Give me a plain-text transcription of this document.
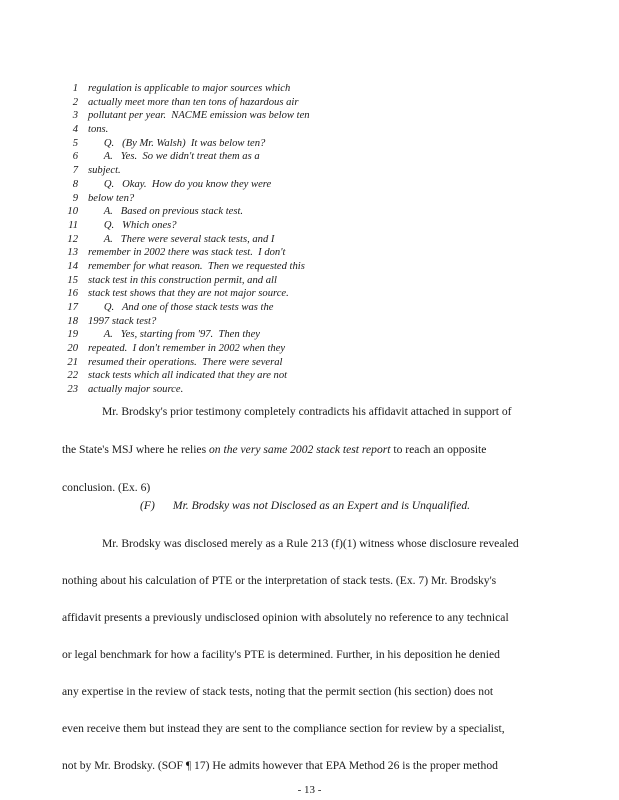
1 regulation is applicable to major sources which
2 actually meet more than ten tons of hazardous air
3 pollutant per year.  NACME emission was below ten
4 tons.
5 Q.   (By Mr. Walsh)  It was below ten?
6 A.   Yes.  So we didn't treat them as a
7 subject.
8 Q.   Okay.  How do you know they were
9 below ten?
10 A.   Based on previous stack test.
11 Q.   Which ones?
12 A.   There were several stack tests, and I
13 remember in 2002 there was stack test.  I don't
14 remember for what reason.  Then we requested this
15 stack test in this construction permit, and all
16 stack test shows that they are not major source.
17 Q.   And one of those stack tests was the
18 1997 stack test?
19 A.   Yes, starting from '97.  Then they
20 repeated.  I don't remember in 2002 when they
21 resumed their operations.  There were several
22 stack tests which all indicated that they are not
23 actually major source.
Mr. Brodsky's prior testimony completely contradicts his affidavit attached in support of
the State's MSJ where he relies on the very same 2002 stack test report to reach an opposite
conclusion. (Ex. 6)
(F) Mr. Brodsky was not Disclosed as an Expert and is Unqualified.
Mr. Brodsky was disclosed merely as a Rule 213 (f)(1) witness whose disclosure revealed
nothing about his calculation of PTE or the interpretation of stack tests. (Ex. 7) Mr. Brodsky's
affidavit presents a previously undisclosed opinion with absolutely no reference to any technical
or legal benchmark for how a facility's PTE is determined. Further, in his deposition he denied
any expertise in the review of stack tests, noting that the permit section (his section) does not
even receive them but instead they are sent to the compliance section for review by a specialist,
not by Mr. Brodsky. (SOF ¶ 17) He admits however that EPA Method 26 is the proper method
- 13 -
